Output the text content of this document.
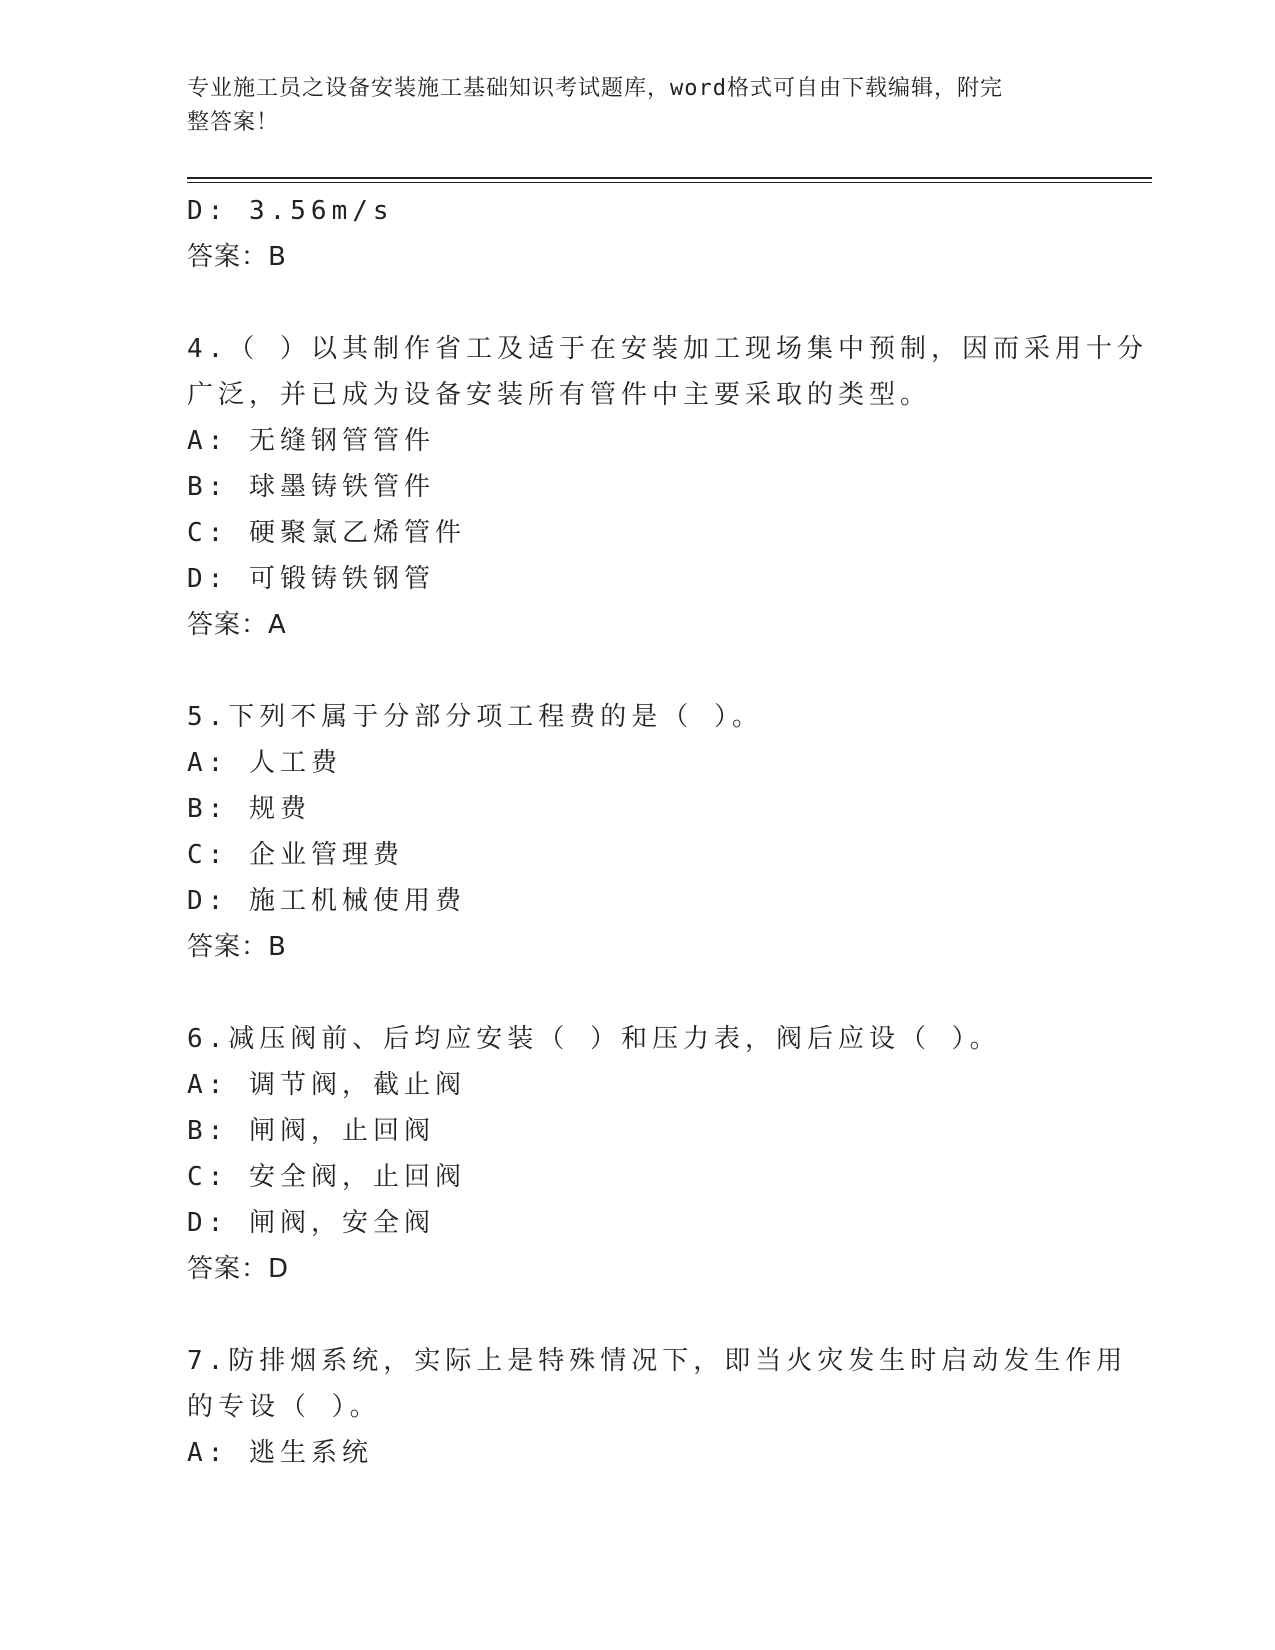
专业施工员之设备安装施工基础知识考试题库，word格式可自由下载编辑，附完
整答案！
D: 3.56m/s
答案：B
4.（ ）以其制作省工及适于在安装加工现场集中预制，因而采用十分
广泛，并已成为设备安装所有管件中主要采取的类型。
A: 无缝钢管管件
B: 球墨铸铁管件
C: 硬聚氯乙烯管件
D: 可锻铸铁钢管
答案：A
5.下列不属于分部分项工程费的是（ ）。
A: 人工费
B: 规费
C: 企业管理费
D: 施工机械使用费
答案：B
6.减压阀前、后均应安装（ ）和压力表，阀后应设（ ）。
A: 调节阀，截止阀
B: 闸阀，止回阀
C: 安全阀，止回阀
D: 闸阀，安全阀
答案：D
7.防排烟系统，实际上是特殊情况下，即当火灾发生时启动发生作用
的专设（ ）。
A: 逃生系统
